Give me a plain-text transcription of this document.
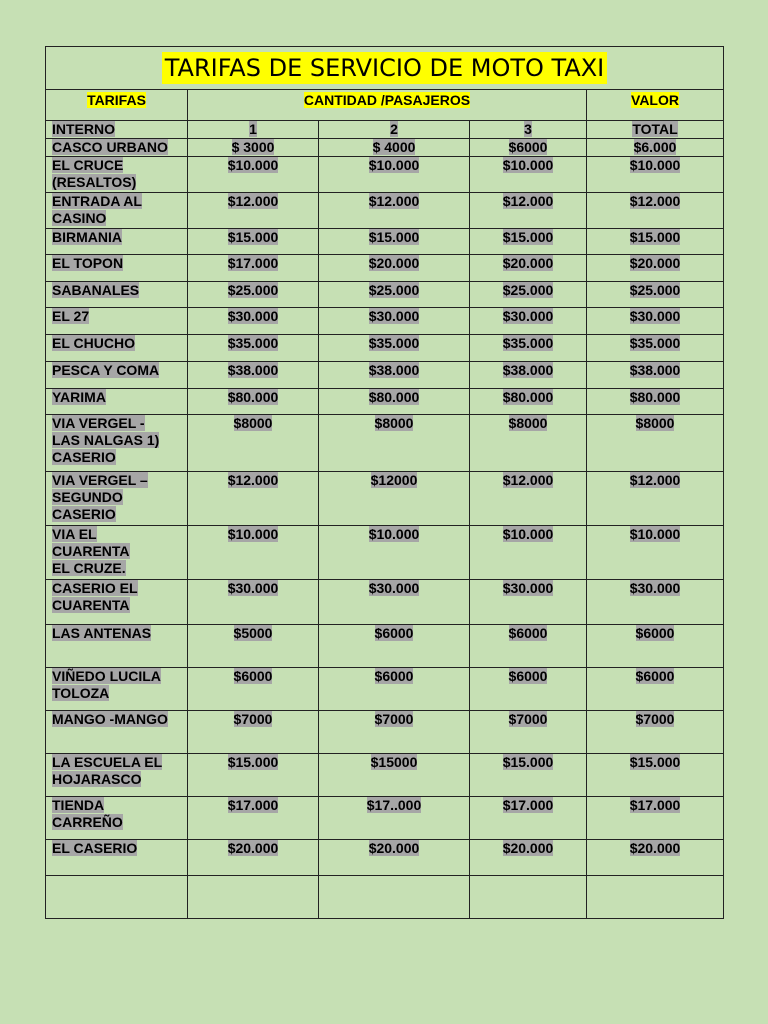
TARIFAS DE SERVICIO DE MOTO TAXI				
TARIFAS	CANTIDAD /PASAJEROS			VALOR
INTERNO	1	2	3	TOTAL
CASCO URBANO	$ 3000	$ 4000	$6000	$6.000
EL CRUCE
(RESALTOS)	$10.000	$10.000	$10.000	$10.000
ENTRADA AL
CASINO	$12.000	$12.000	$12.000	$12.000
BIRMANIA	$15.000	$15.000	$15.000	$15.000
EL TOPON	$17.000	$20.000	$20.000	$20.000
SABANALES	$25.000	$25.000	$25.000	$25.000
EL 27	$30.000	$30.000	$30.000	$30.000
EL CHUCHO	$35.000	$35.000	$35.000	$35.000
PESCA Y COMA	$38.000	$38.000	$38.000	$38.000
YARIMA	$80.000	$80.000	$80.000	$80.000
VIA VERGEL -
LAS NALGAS 1)
CASERIO	$8000	$8000	$8000	$8000
VIA VERGEL –
SEGUNDO
CASERIO	$12.000	$12000	$12.000	$12.000
VIA EL
CUARENTA
EL CRUZE.	$10.000	$10.000	$10.000	$10.000
CASERIO EL
CUARENTA	$30.000	$30.000	$30.000	$30.000
LAS ANTENAS	$5000	$6000	$6000	$6000
VIÑEDO LUCILA
TOLOZA	$6000	$6000	$6000	$6000
MANGO -MANGO	$7000	$7000	$7000	$7000
LA ESCUELA EL
HOJARASCO	$15.000	$15000	$15.000	$15.000
TIENDA
CARREÑO	$17.000	$17..000	$17.000	$17.000
EL CASERIO	$20.000	$20.000	$20.000	$20.000
